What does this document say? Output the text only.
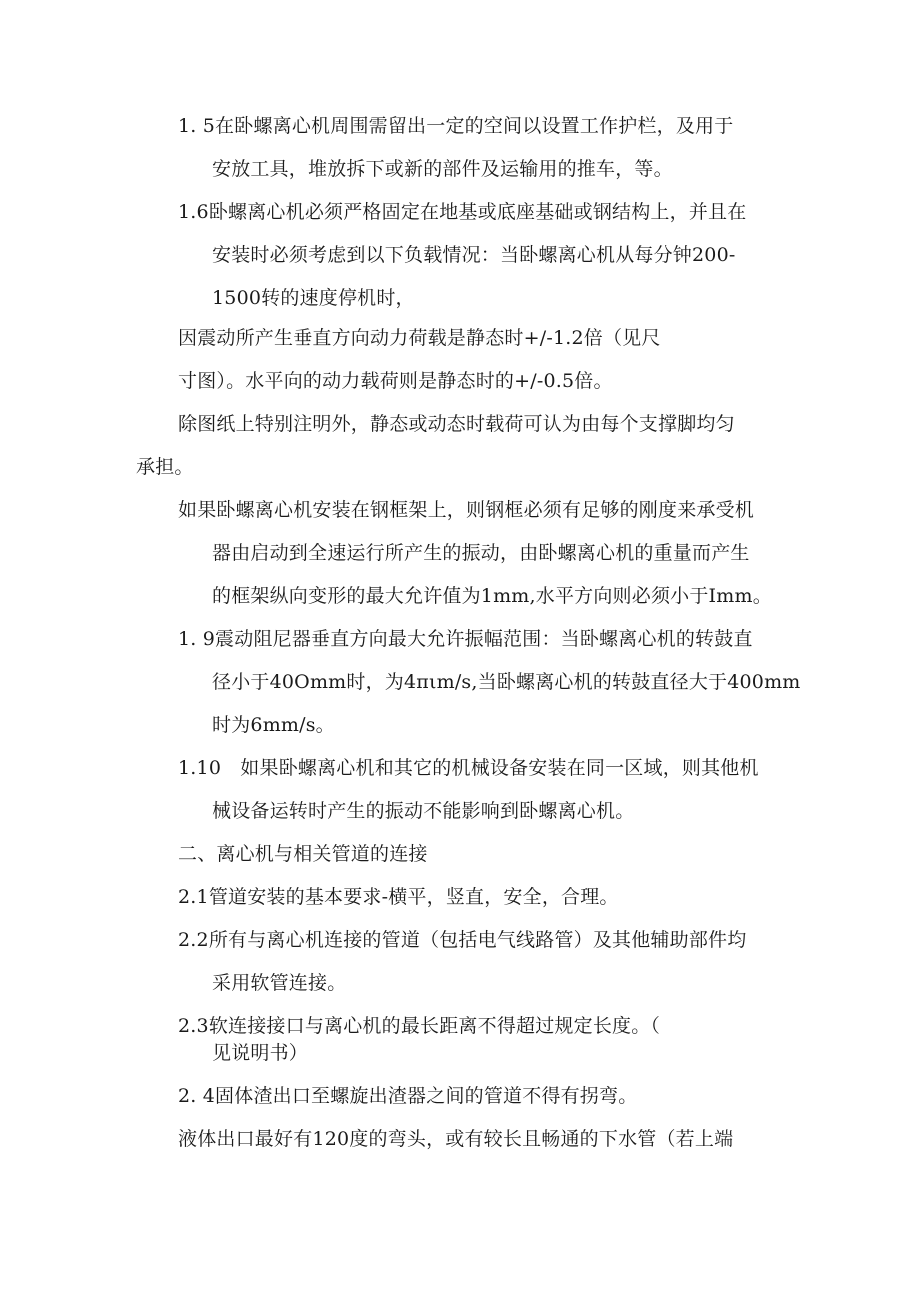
1. 5在卧螺离心机周围需留出一定的空间以设置工作护栏，及用于
安放工具，堆放拆下或新的部件及运输用的推车，等。
1.6卧螺离心机必须严格固定在地基或底座基础或钢结构上，并且在
安装时必须考虑到以下负载情况：当卧螺离心机从每分钟200-
1500转的速度停机时，
因震动所产生垂直方向动力荷载是静态时+/-1.2倍（见尺
寸图）。水平向的动力载荷则是静态时的+/-0.5倍。
除图纸上特别注明外，静态或动态时载荷可认为由每个支撑脚均匀
承担。
如果卧螺离心机安装在钢框架上，则钢框必须有足够的刚度来承受机
器由启动到全速运行所产生的振动，由卧螺离心机的重量而产生
的框架纵向变形的最大允许值为1mm,水平方向则必须小于Imm。
1. 9震动阻尼器垂直方向最大允许振幅范围：当卧螺离心机的转鼓直
径小于40Omm时，为4πιm∕s,当卧螺离心机的转鼓直径大于400mm
时为6mm∕s。
1.10　如果卧螺离心机和其它的机械设备安装在同一区域，则其他机
械设备运转时产生的振动不能影响到卧螺离心机。
二、离心机与相关管道的连接
2.1管道安装的基本要求-横平，竖直，安全，合理。
2.2所有与离心机连接的管道（包括电气线路管）及其他辅助部件均
采用软管连接。
2.3软连接接口与离心机的最长距离不得超过规定长度。（
见说明书）
2. 4固体渣出口至螺旋出渣器之间的管道不得有拐弯。
液体出口最好有120度的弯头，或有较长且畅通的下水管（若上端
